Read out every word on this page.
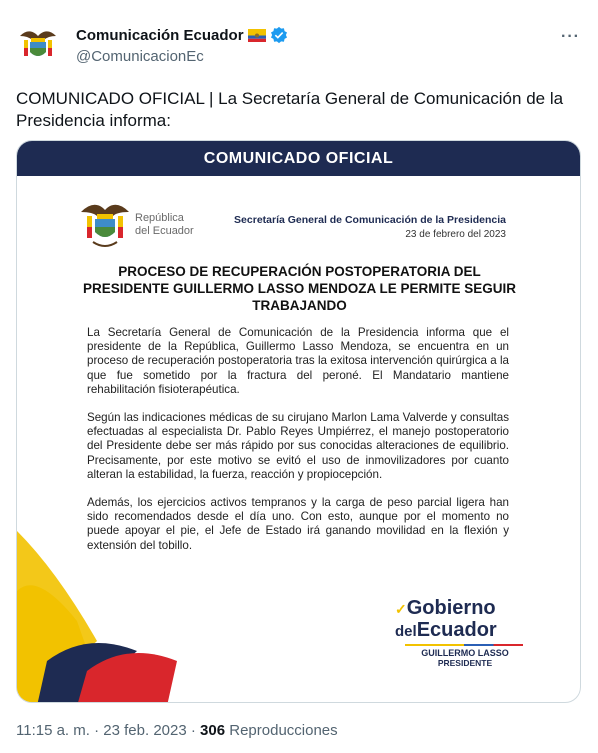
Comunicación Ecuador
@ComunicacionEc
···
COMUNICADO OFICIAL | La Secretaría General de Comunicación de la Presidencia informa:
COMUNICADO OFICIAL
República
del Ecuador
Secretaría General de Comunicación de la Presidencia
23 de febrero del 2023
PROCESO DE RECUPERACIÓN POSTOPERATORIA DEL PRESIDENTE GUILLERMO LASSO MENDOZA LE PERMITE SEGUIR TRABAJANDO

La Secretaría General de Comunicación de la Presidencia informa que el presidente de la República, Guillermo Lasso Mendoza, se encuentra en un proceso de recuperación postoperatoria tras la exitosa intervención quirúrgica a la que fue sometido por la fractura del peroné. El Mandatario mantiene rehabilitación fisioterapéutica.

Según las indicaciones médicas de su cirujano Marlon Lama Valverde y consultas efectuadas al especialista Dr. Pablo Reyes Umpiérrez, el manejo postoperatorio del Presidente debe ser más rápido por sus conocidas alteraciones de equilibrio. Precisamente, por este motivo se evitó el uso de inmovilizadores por cuanto alteran la estabilidad, la fuerza, reacción y propiocepción.

Además, los ejercicios activos tempranos y la carga de peso parcial ligera han sido recomendados desde el día uno. Con esto, aunque por el momento no puede apoyar el pie, el Jefe de Estado irá ganando movilidad en la flexión y extensión del tobillo.

✓Gobierno
delEcuador
GUILLERMO LASSO
PRESIDENTE
11:15 a. m. · 23 feb. 2023 · 306 Reproducciones
